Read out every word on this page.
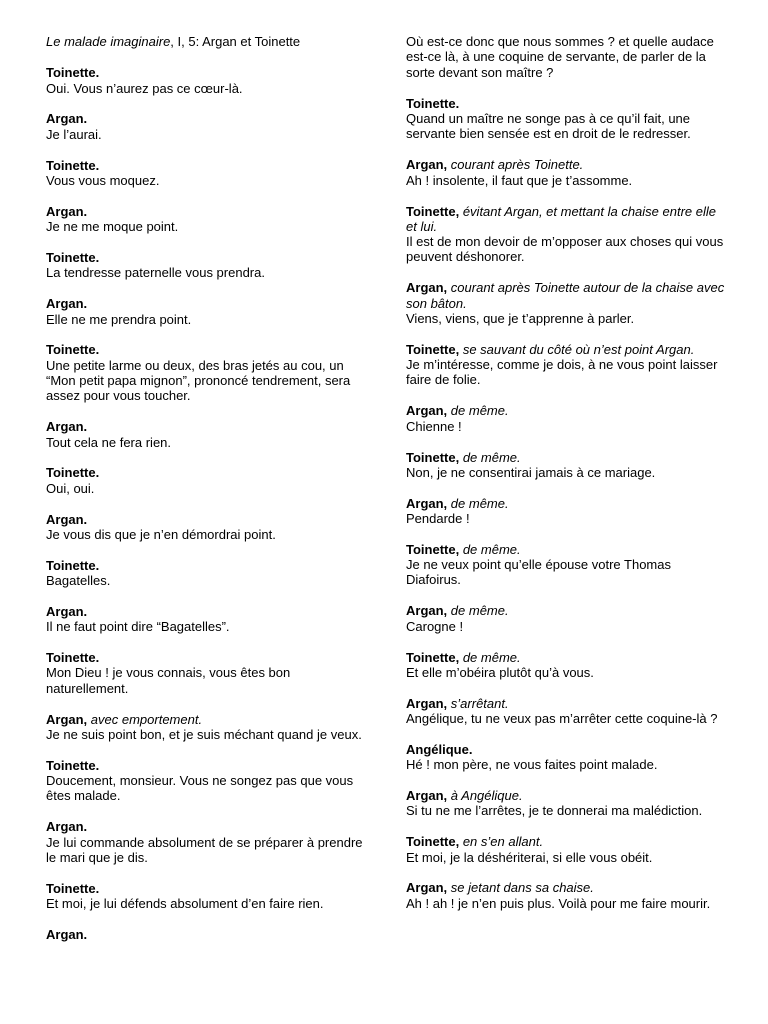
Le malade imaginaire, I, 5: Argan et Toinette
Toinette.
Oui. Vous n’aurez pas ce cœur-là.
Argan.
Je l’aurai.
Toinette.
Vous vous moquez.
Argan.
Je ne me moque point.
Toinette.
La tendresse paternelle vous prendra.
Argan.
Elle ne me prendra point.
Toinette.
Une petite larme ou deux, des bras jetés au cou, un “Mon petit papa mignon”, prononcé tendrement, sera assez pour vous toucher.
Argan.
Tout cela ne fera rien.
Toinette.
Oui, oui.
Argan.
Je vous dis que je n’en démordrai point.
Toinette.
Bagatelles.
Argan.
Il ne faut point dire “Bagatelles”.
Toinette.
Mon Dieu ! je vous connais, vous êtes bon naturellement.
Argan, avec emportement.
Je ne suis point bon, et je suis méchant quand je veux.
Toinette.
Doucement, monsieur. Vous ne songez pas que vous êtes malade.
Argan.
Je lui commande absolument de se préparer à prendre le mari que je dis.
Toinette.
Et moi, je lui défends absolument d’en faire rien.
Argan.
Où est-ce donc que nous sommes ? et quelle audace est-ce là, à une coquine de servante, de parler de la sorte devant son maître ?
Toinette.
Quand un maître ne songe pas à ce qu’il fait, une servante bien sensée est en droit de le redresser.
Argan, courant après Toinette.
Ah ! insolente, il faut que je t’assomme.
Toinette, évitant Argan, et mettant la chaise entre elle et lui.
Il est de mon devoir de m’opposer aux choses qui vous peuvent déshonorer.
Argan, courant après Toinette autour de la chaise avec son bâton.
Viens, viens, que je t’apprenne à parler.
Toinette, se sauvant du côté où n’est point Argan.
Je m’intéresse, comme je dois, à ne vous point laisser faire de folie.
Argan, de même.
Chienne !
Toinette, de même.
Non, je ne consentirai jamais à ce mariage.
Argan, de même.
Pendarde !
Toinette, de même.
Je ne veux point qu’elle épouse votre Thomas Diafoirus.
Argan, de même.
Carogne !
Toinette, de même.
Et elle m’obéira plutôt qu’à vous.
Argan, s’arrêtant.
Angélique, tu ne veux pas m’arrêter cette coquine-là ?
Angélique.
Hé ! mon père, ne vous faites point malade.
Argan, à Angélique.
Si tu ne me l’arrêtes, je te donnerai ma malédiction.
Toinette, en s’en allant.
Et moi, je la déshériterai, si elle vous obéit.
Argan, se jetant dans sa chaise.
Ah ! ah ! je n’en puis plus. Voilà pour me faire mourir.
